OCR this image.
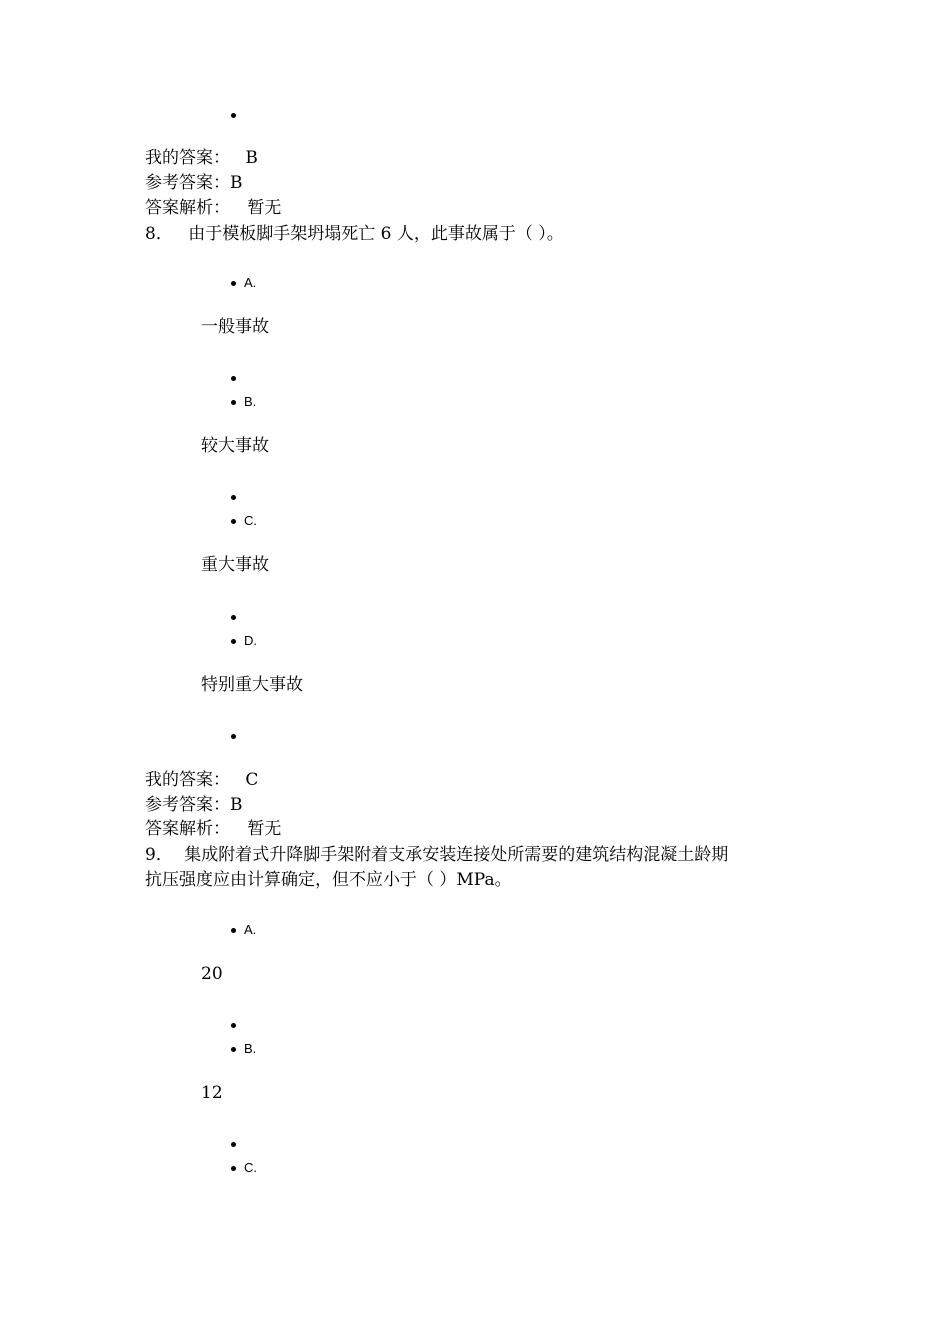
我的答案： B
参考答案：B
答案解析： 暂无
8． 由于模板脚手架坍塌死亡 6 人，此事故属于（ ）。
A.
一般事故
B.
较大事故
C.
重大事故
D.
特别重大事故
我的答案： C
参考答案：B
答案解析： 暂无
9． 集成附着式升降脚手架附着支承安装连接处所需要的建筑结构混凝土龄期
抗压强度应由计算确定，但不应小于（ ）MPa。
A.
20
B.
12
C.
